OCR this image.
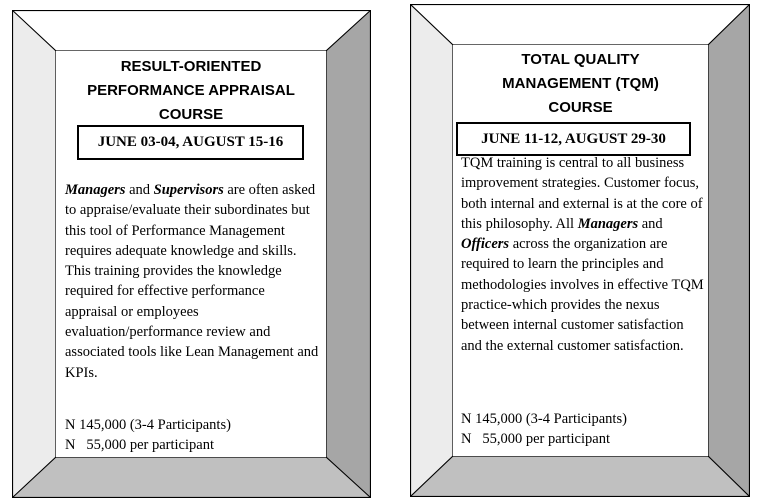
RESULT-ORIENTED

PERFORMANCE APPRAISAL

COURSE

JUNE 03-04, AUGUST 15-16

Managers and Supervisors are often asked to appraise/evaluate their subordinates but this tool of Performance Management requires adequate knowledge and skills. This training provides the knowledge required for effective performance appraisal or employees evaluation/performance review and associated tools like Lean Management and KPIs.

N 145,000 (3-4 Participants)

N   55,000 per participant

TOTAL QUALITY

MANAGEMENT (TQM)

COURSE

JUNE 11-12, AUGUST 29-30

TQM training is central to all business improvement strategies. Customer focus, both internal and external is at the core of this philosophy. All Managers and Officers across the organization are required to learn the principles and methodologies involves in effective TQM practice-which provides the nexus between internal customer satisfaction and the external customer satisfaction.

N 145,000 (3-4 Participants)

N   55,000 per participant
